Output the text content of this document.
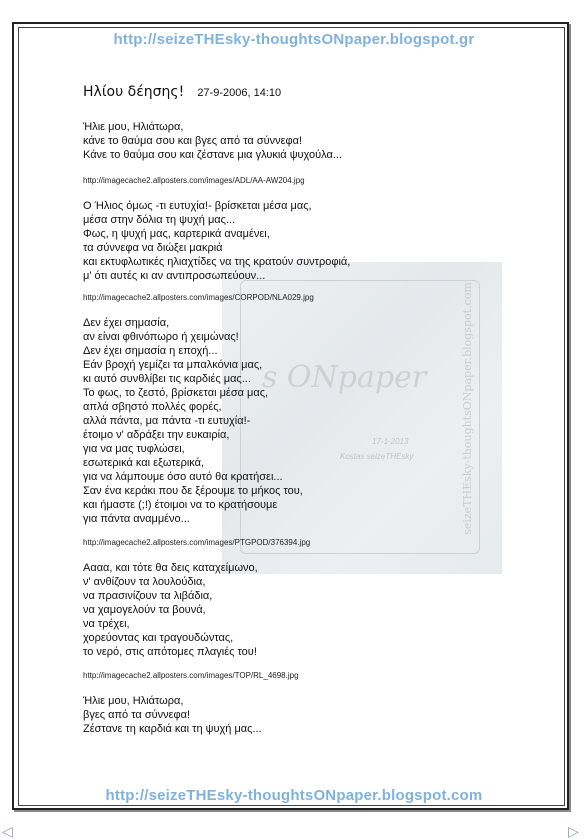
http://seizeTHEsky-thoughtsONpaper.blogspot.gr
s ONpaper	seizeTHEsky-thoughtsONpaper.blogspot.com
17-1-2013
Kostas seizeTHEsky
Ηλίου δέησης! 27-9-2006, 14:10
Ήλιε μου, Ηλιάτωρα,
κάνε το θαύμα σου και βγες από τα σύννεφα!
Κάνε το θαύμα σου και ζέστανε μια γλυκιά ψυχούλα...
http://imagecache2.allposters.com/images/ADL/AA-AW204.jpg
Ο Ήλιος όμως -τι ευτυχία!- βρίσκεται μέσα μας,
μέσα στην δόλια τη ψυχή μας...
Φως, η ψυχή μας, καρτερικά αναμένει,
τα σύννεφα να διώξει μακριά
και εκτυφλωτικές ηλιαχτίδες να της κρατούν συντροφιά,
μ' ότι αυτές κι αν αντιπροσωπεύουν...
http://imagecache2.allposters.com/images/CORPOD/NLA029.jpg
Δεν έχει σημασία,
αν είναι φθινόπωρο ή χειμώνας!
Δεν έχει σημασία η εποχή...
Εάν βροχή γεμίζει τα μπαλκόνια μας,
κι αυτό συνθλίβει τις καρδιές μας...
Το φως, το ζεστό, βρίσκεται μέσα μας,
απλά σβηστό πολλές φορές,
αλλά πάντα, μα πάντα -τι ευτυχία!-
έτοιμο ν' αδράξει την ευκαιρία,
για να μας τυφλώσει,
εσωτερικά και εξωτερικά,
για να λάμπουμε όσο αυτό θα κρατήσει...
Σαν ένα κεράκι που δε ξέρουμε το μήκος του,
και ήμαστε (;!) έτοιμοι να το κρατήσουμε
για πάντα αναμμένο...
http://imagecache2.allposters.com/images/PTGPOD/376394.jpg
Αααα, και τότε θα δεις καταχείμωνο,
ν' ανθίζουν τα λουλούδια,
να πρασινίζουν τα λιβάδια,
να χαμογελούν τα βουνά,
να τρέχει,
χορεύοντας και τραγουδώντας,
το νερό, στις απότομες πλαγιές του!
http://imagecache2.allposters.com/images/TOP/RL_4698.jpg
Ήλιε μου, Ηλιάτωρα,
βγες από τα σύννεφα!
Ζέστανε τη καρδιά και τη ψυχή μας...
http://seizeTHEsky-thoughtsONpaper.blogspot.com
◁	▷
